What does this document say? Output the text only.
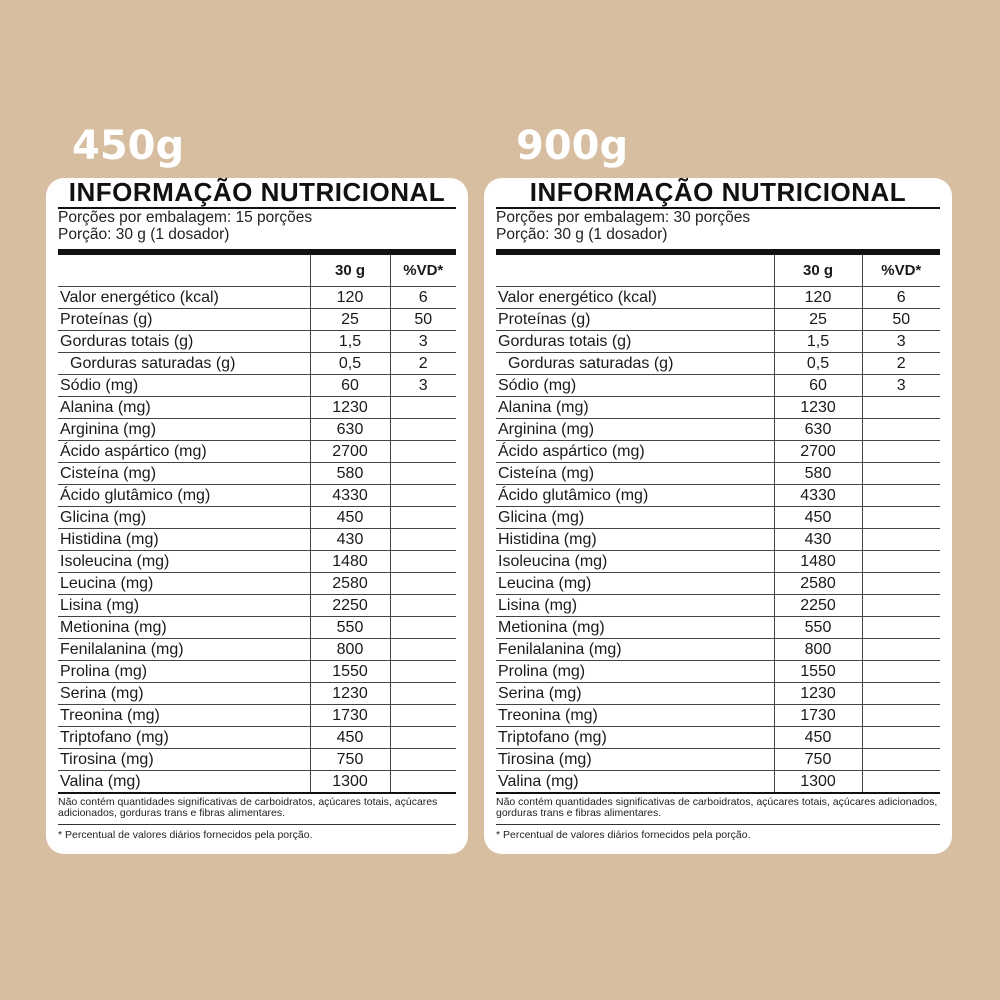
450g	900g
INFORMAÇÃO NUTRICIONAL
Porções por embalagem: 15 porções
Porção: 30 g (1 dosador)
	30 g	%VD*
Valor energético (kcal)	120	6
Proteínas (g)	25	50
Gorduras totais (g)	1,5	3
Gorduras saturadas (g)	0,5	2
Sódio (mg)	60	3
Alanina (mg)	1230	
Arginina (mg)	630	
Ácido aspártico (mg)	2700	
Cisteína (mg)	580	
Ácido glutâmico (mg)	4330	
Glicina (mg)	450	
Histidina (mg)	430	
Isoleucina (mg)	1480	
Leucina (mg)	2580	
Lisina (mg)	2250	
Metionina (mg)	550	
Fenilalanina (mg)	800	
Prolina (mg)	1550	
Serina (mg)	1230	
Treonina (mg)	1730	
Triptofano (mg)	450	
Tirosina (mg)	750	
Valina (mg)	1300	
Não contém quantidades significativas de carboidratos, açúcares totais, açúcares adicionados, gorduras trans e fibras alimentares.
* Percentual de valores diários fornecidos pela porção.
INFORMAÇÃO NUTRICIONAL
Porções por embalagem: 30 porções
Porção: 30 g (1 dosador)
	30 g	%VD*
Valor energético (kcal)	120	6
Proteínas (g)	25	50
Gorduras totais (g)	1,5	3
Gorduras saturadas (g)	0,5	2
Sódio (mg)	60	3
Alanina (mg)	1230	
Arginina (mg)	630	
Ácido aspártico (mg)	2700	
Cisteína (mg)	580	
Ácido glutâmico (mg)	4330	
Glicina (mg)	450	
Histidina (mg)	430	
Isoleucina (mg)	1480	
Leucina (mg)	2580	
Lisina (mg)	2250	
Metionina (mg)	550	
Fenilalanina (mg)	800	
Prolina (mg)	1550	
Serina (mg)	1230	
Treonina (mg)	1730	
Triptofano (mg)	450	
Tirosina (mg)	750	
Valina (mg)	1300	
Não contém quantidades significativas de carboidratos, açúcares totais, açúcares adicionados, gorduras trans e fibras alimentares.
* Percentual de valores diários fornecidos pela porção.
